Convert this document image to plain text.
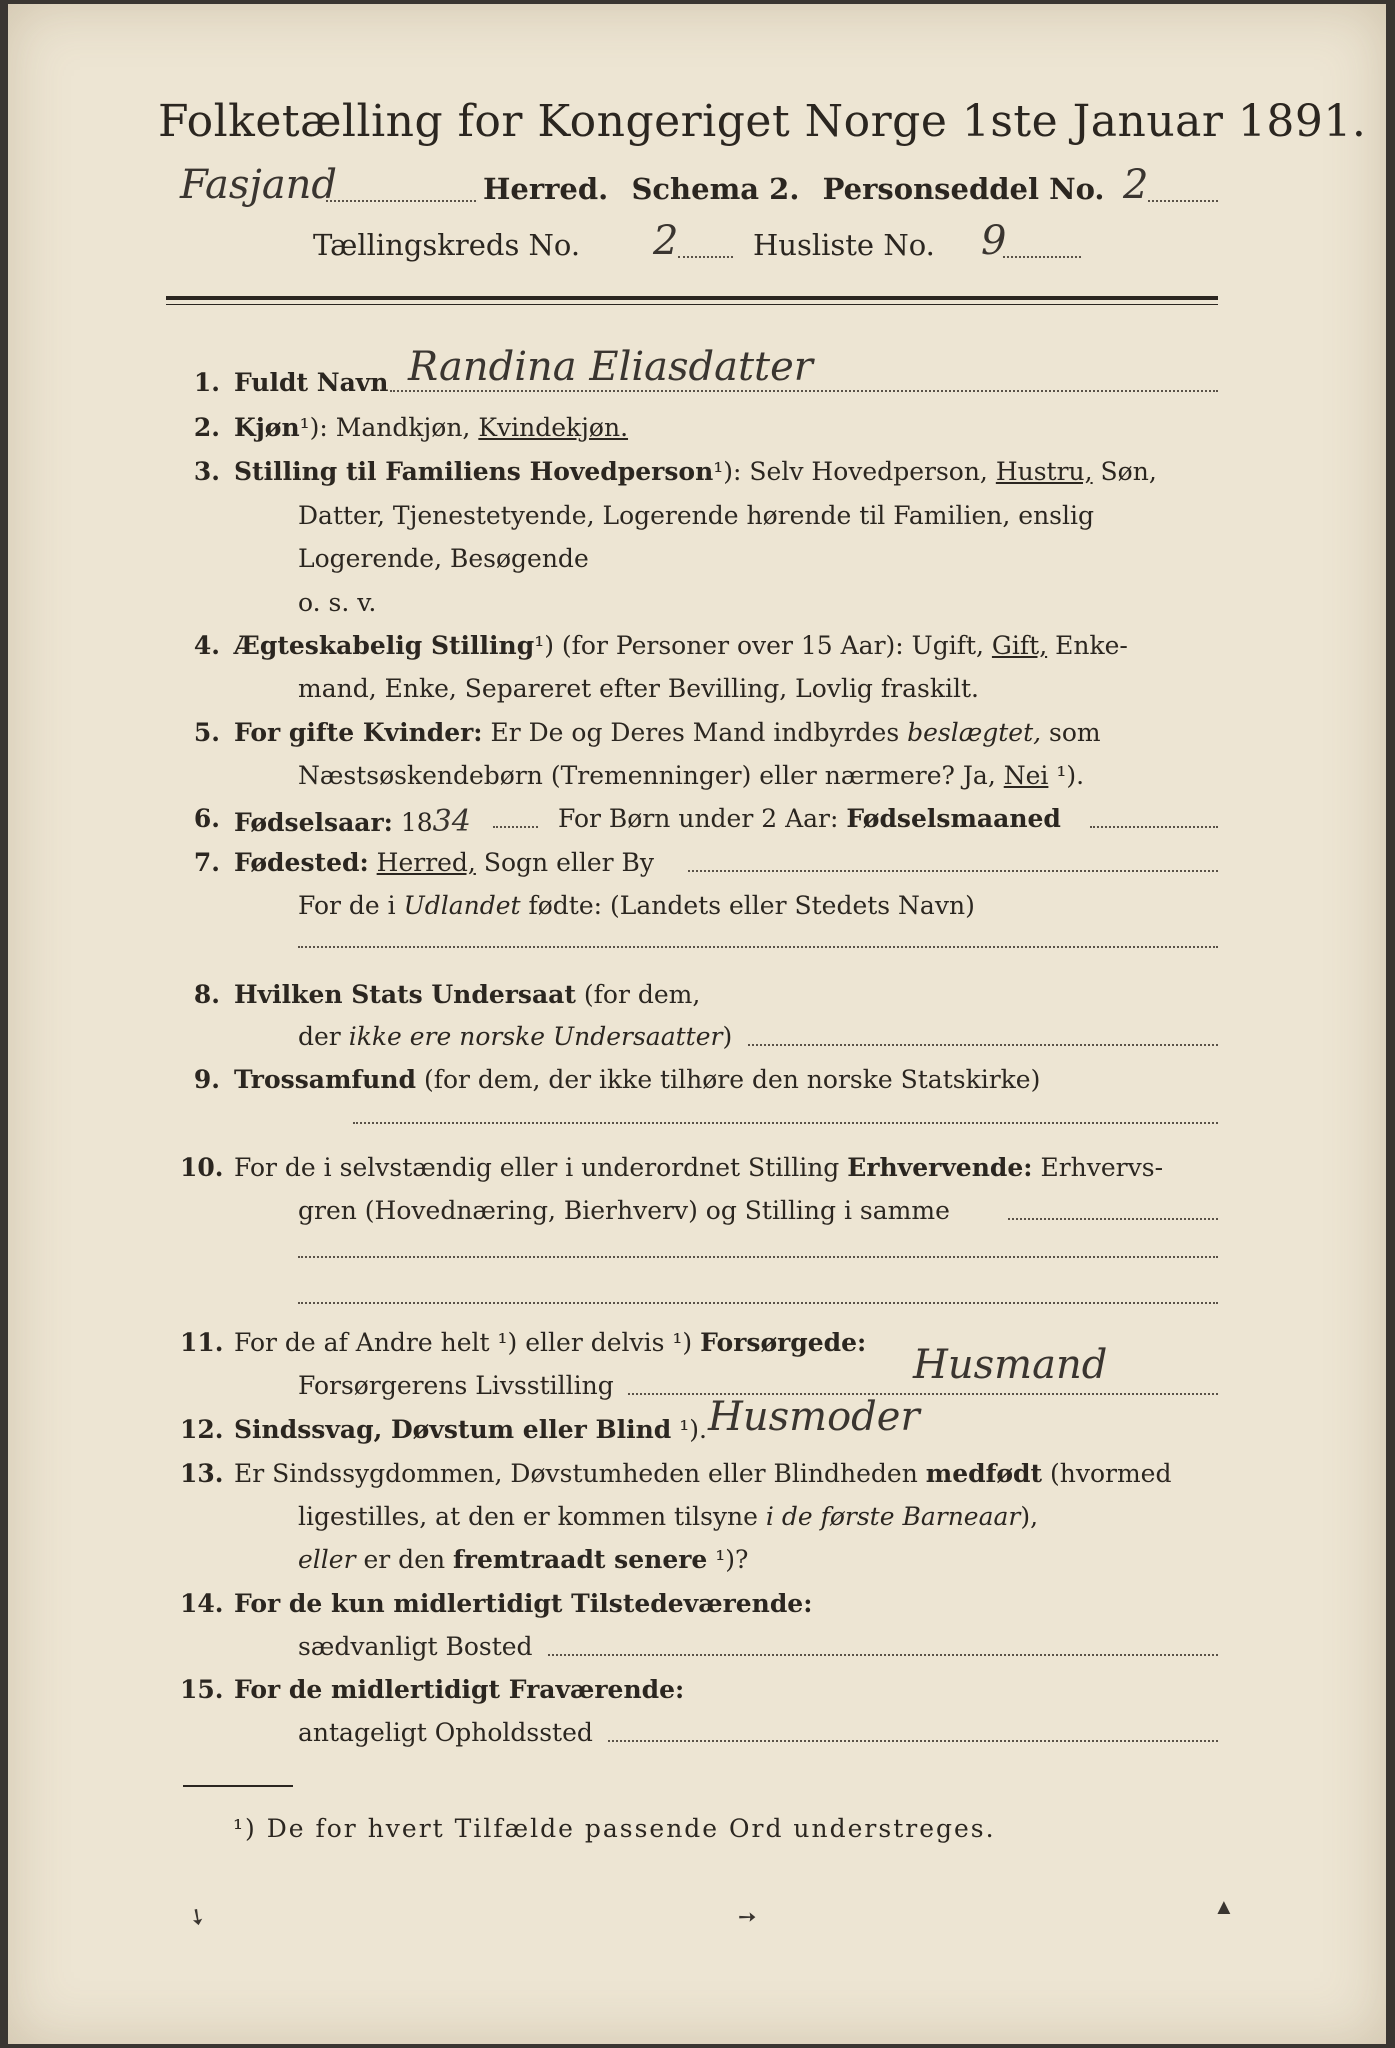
Folketælling for Kongeriget Norge 1ste Januar 1891.
Fasjand	Herred. Schema 2. Personseddel No. 2
Tællingskreds No. 2	Husliste No. 9
1. Fuldt Navn Randina Eliasdatter
2. Kjøn¹): Mandkjøn, Kvindekjøn.
3. Stilling til Familiens Hovedperson¹): Selv Hovedperson, Hustru, Søn,
Datter, Tjenestetyende, Logerende hørende til Familien, enslig
Logerende, Besøgende
o. s. v.
4. Ægteskabelig Stilling¹) (for Personer over 15 Aar): Ugift, Gift, Enke-
mand, Enke, Separeret efter Bevilling, Lovlig fraskilt.
5. For gifte Kvinder: Er De og Deres Mand indbyrdes beslægtet, som
Næstsøskendebørn (Tremenninger) eller nærmere? Ja, Nei ¹).
6. Fødselsaar: 1834	For Børn under 2 Aar: Fødselsmaaned
7. Fødested: Herred, Sogn eller By
For de i Udlandet fødte: (Landets eller Stedets Navn)
8. Hvilken Stats Undersaat (for dem,
der ikke ere norske Undersaatter)
9. Trossamfund (for dem, der ikke tilhøre den norske Statskirke)
10. For de i selvstændig eller i underordnet Stilling Erhvervende: Erhvervs-
gren (Hovednæring, Bierhverv) og Stilling i samme
11. For de af Andre helt ¹) eller delvis ¹) Forsørgede:
Forsørgerens Livsstilling	Husmand
12. Sindssvag, Døvstum eller Blind ¹). Husmoder
13. Er Sindssygdommen, Døvstumheden eller Blindheden medfødt (hvormed
ligestilles, at den er kommen tilsyne i de første Barneaar),
eller er den fremtraadt senere ¹)?
14. For de kun midlertidigt Tilstedeværende:
sædvanligt Bosted
15. For de midlertidigt Fraværende:
antageligt Opholdssted
¹) De for hvert Tilfælde passende Ord understreges.
➘	➙	▲
